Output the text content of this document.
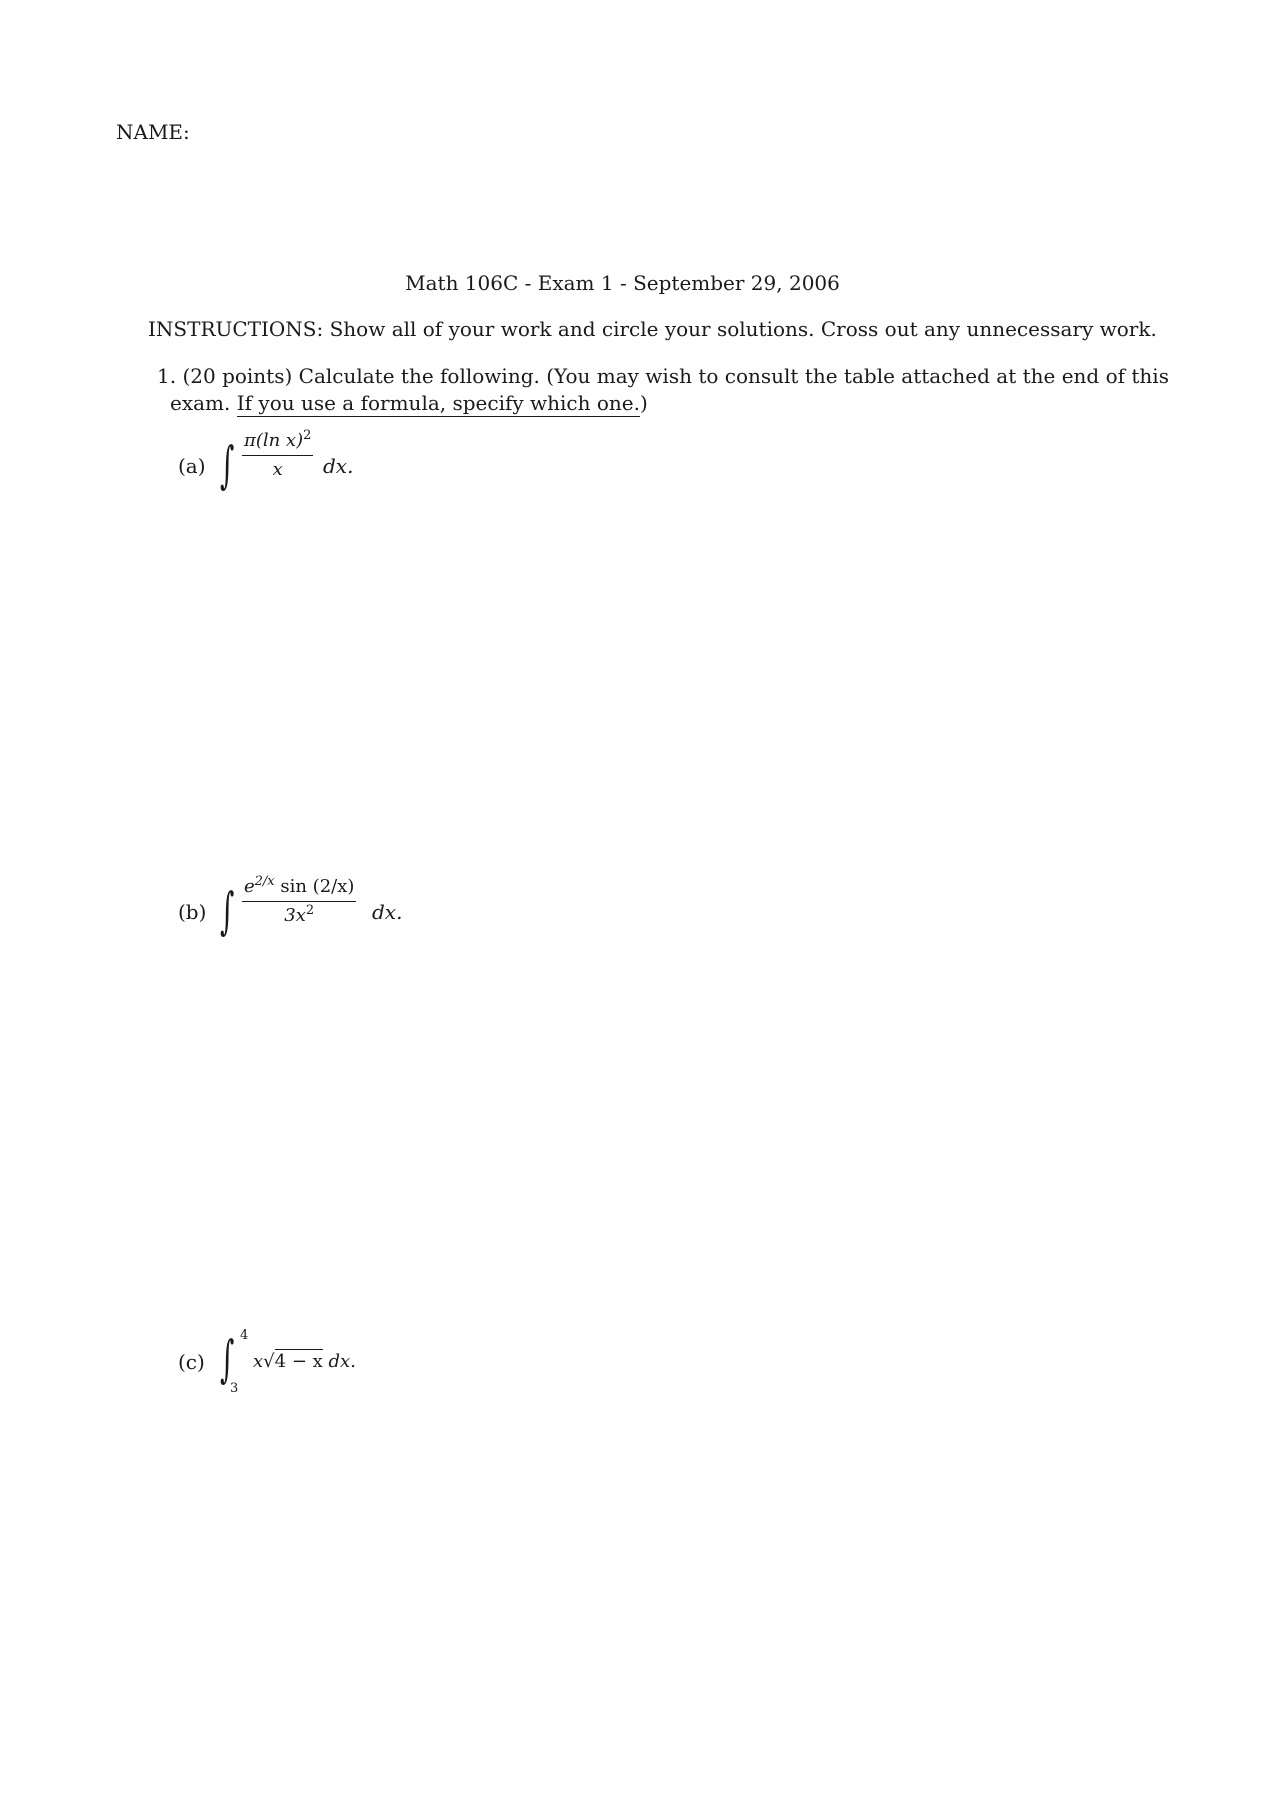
NAME:
Math 106C - Exam 1 - September 29, 2006
INSTRUCTIONS: Show all of your work and circle your solutions. Cross out any unnecessary work.
1. (20 points) Calculate the following. (You may wish to consult the table attached at the end of this
exam. If you use a formula, specify which one.)
(a) ∫ $\frac{\pi(\ln x)^2}{x}$ dx.
(b) ∫ $\frac{e^{2/x} \sin (2/x)}{3x^2}$ dx.
(c) ∫ 4
3
x√4 − x dx.
